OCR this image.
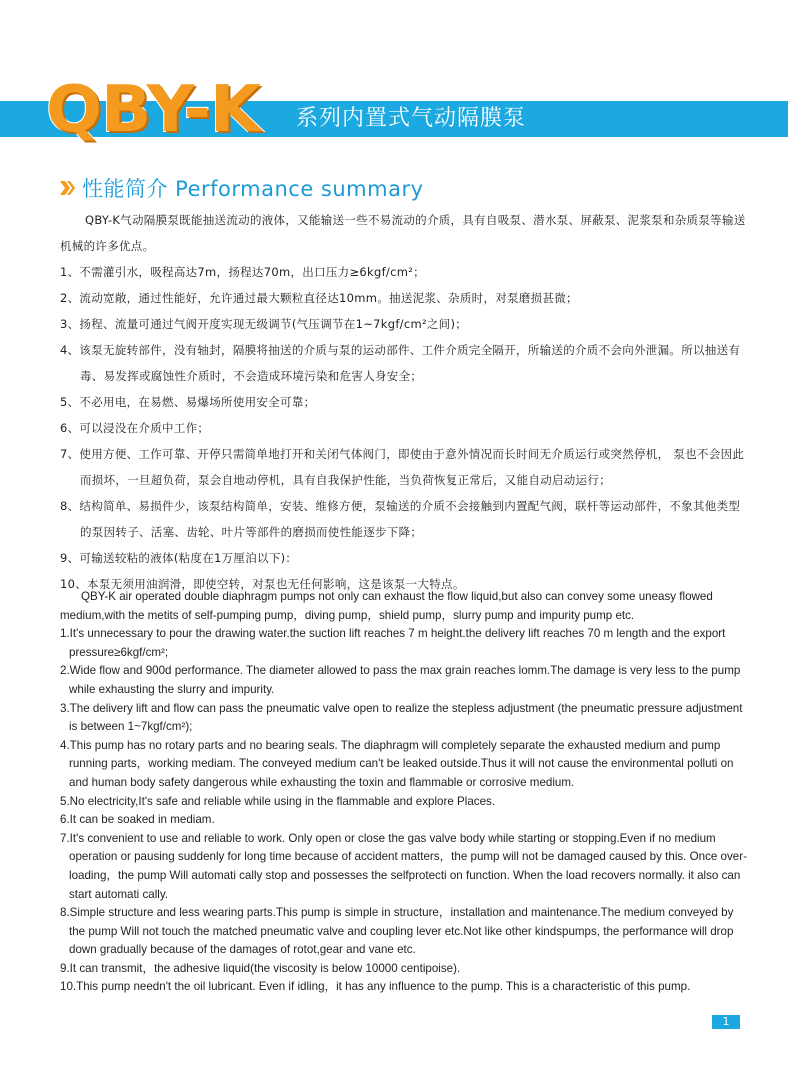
QBY-K 系列内置式气动隔膜泵
性能简介 Performance summary

QBY-K气动隔膜泵既能抽送流动的液体，又能输送一些不易流动的介质，具有自吸泵、潜水泵、屏蔽泵、泥浆泵和杂质泵等输送机械的许多优点。

1、不需灌引水，吸程高达7m，扬程达70m，出口压力≥6kgf/cm²；

2、流动宽敞，通过性能好，允许通过最大颗粒直径达10mm。抽送泥浆、杂质时，对泵磨损甚微；

3、扬程、流量可通过气阀开度实现无级调节(气压调节在1~7kgf/cm²之间)；

4、该泵无旋转部件，没有轴封，隔膜将抽送的介质与泵的运动部件、工件介质完全隔开，所输送的介质不会向外泄漏。所以抽送有毒、易发挥或腐蚀性介质时，不会造成环境污染和危害人身安全；

5、不必用电，在易燃、易爆场所使用安全可靠；

6、可以浸没在介质中工作；

7、使用方便、工作可靠、开停只需简单地打开和关闭气体阀门，即使由于意外情况而长时间无介质运行或突然停机， 泵也不会因此而损坏，一旦超负荷，泵会自地动停机，具有自我保护性能，当负荷恢复正常后，又能自动启动运行；

8、结构简单、易损件少，该泵结构简单，安装、维修方便，泵输送的介质不会接触到内置配气阀，联杆等运动部件，不象其他类型的泵因转子、活塞、齿轮、叶片等部件的磨损而使性能逐步下降；

9、可输送较粘的液体(粘度在1万厘泊以下)：

10、本泵无须用油润滑，即使空转，对泵也无任何影响，这是该泵一大特点。

QBY-K air operated double diaphragm pumps not only can exhaust the flow liquid,but also can convey some uneasy flowed medium,with the metits of self-pumping pump，diving pump，shield pump，slurry pump and impurity pump etc.

1.It's unnecessary to pour the drawing water.the suction lift reaches 7 m height.the delivery lift reaches 70 m length and the export pressure≥6kgf/cm²;

2.Wide flow and 900d performance. The diameter allowed to pass the max grain reaches lomm.The damage is very less to the pump while exhausting the slurry and impurity.

3.The delivery lift and flow can pass the pneumatic valve open to realize the stepless adjustment (the pneumatic pressure adjustment is between 1~7kgf/cm²);

4.This pump has no rotary parts and no bearing seals. The diaphragm will completely separate the exhausted medium and pump running parts，working mediam. The conveyed medium can't be leaked outside.Thus it will not cause the environmental polluti on and human body safety dangerous while exhausting the toxin and flammable or corrosive medium.

5.No electricity,It's safe and reliable while using in the flammable and explore Places.

6.It can be soaked in mediam.

7.It's convenient to use and reliable to work. Only open or close the gas valve body while starting or stopping.Even if no medium operation or pausing suddenly for long time because of accident matters，the pump will not be damaged caused by this. Once over-loading，the pump Will automati cally stop and possesses the selfprotecti on function. When the load recovers normally. it also can start automati cally.

8.Simple structure and less wearing parts.This pump is simple in structure，installation and maintenance.The medium conveyed by the pump Will not touch the matched pneumatic valve and coupling lever etc.Not like other kindspumps, the performance will drop down gradually because of the damages of rotot,gear and vane etc.

9.It can transmit，the adhesive liquid(the viscosity is below 10000 centipoise).

10.This pump needn't the oil lubricant. Even if idling，it has any influence to the pump. This is a characteristic of this pump.

1
